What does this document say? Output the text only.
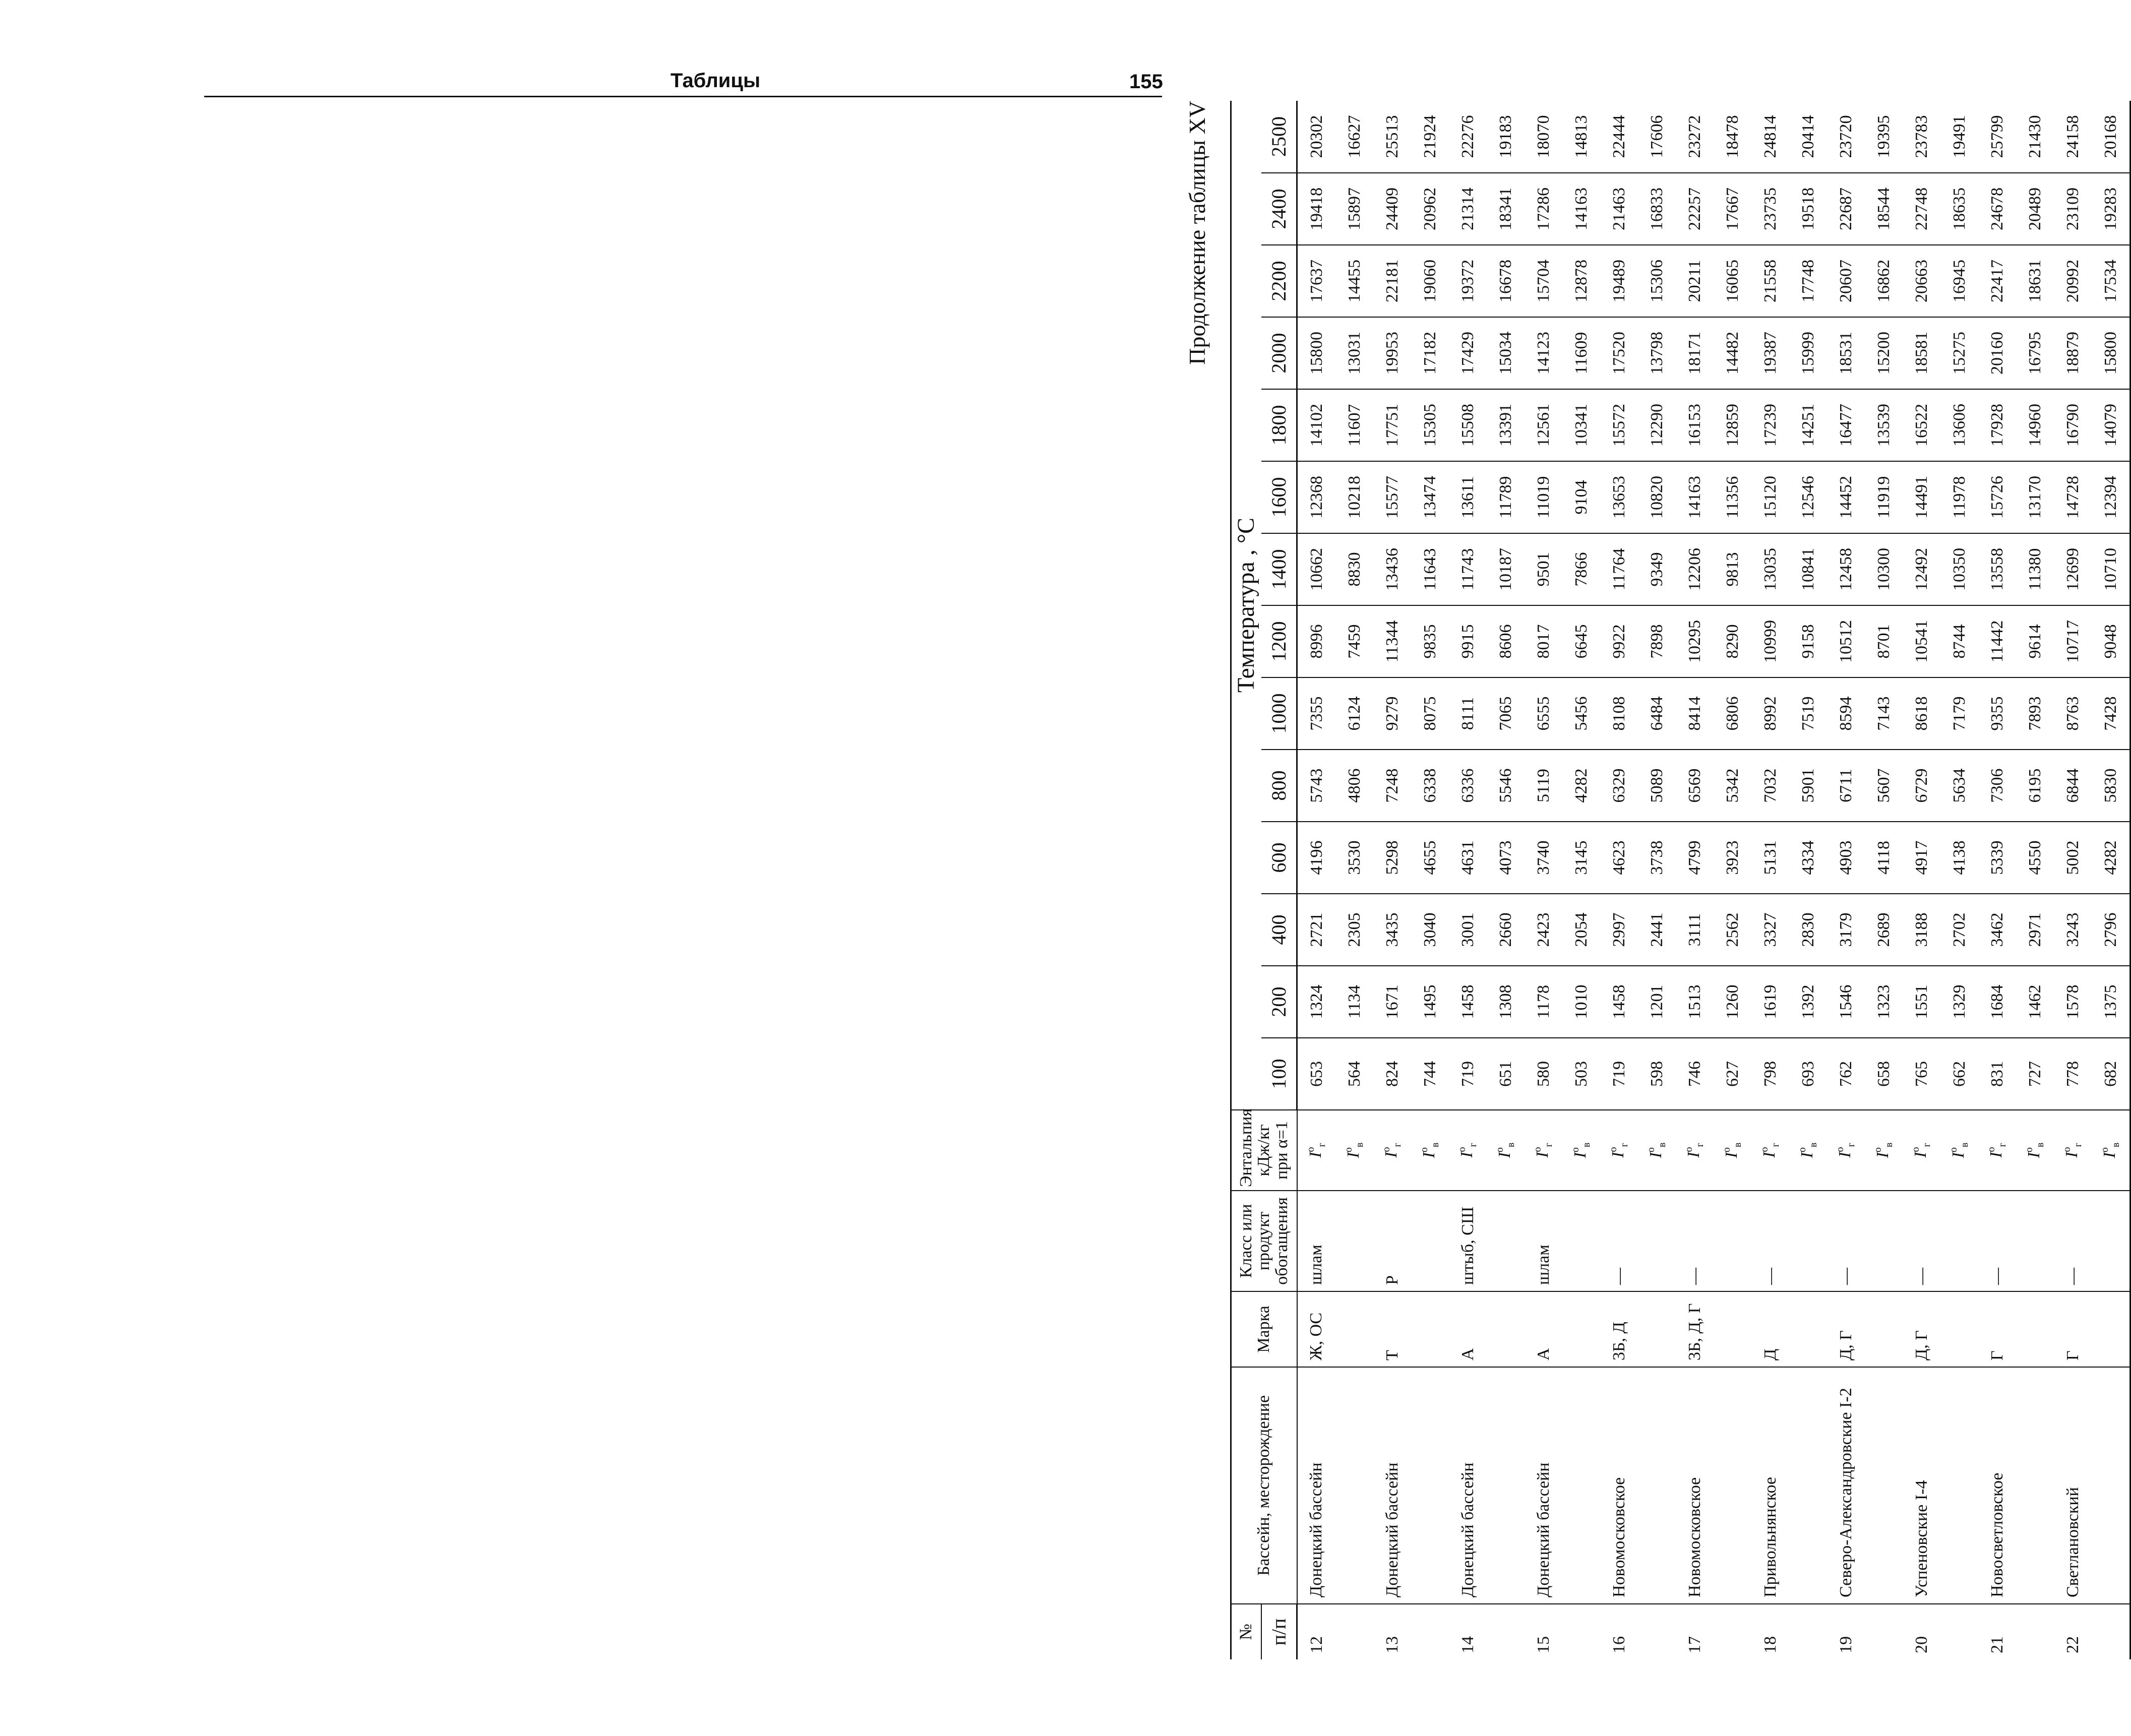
Таблицы	155
Продолжение таблицы XV
№	Бассейн, месторождение	Марка	Класс или продукт обогащения	Энтальпия кДж/кг при α=1	Температура , °С													
п/п					100	200	400	600	800	1000	1200	1400	1600	1800	2000	2200	2400	2500
12	Донецкий бассейн	Ж, ОС	шлам	$I^o_г$	653	1324	2721	4196	5743	7355	8996	10662	12368	14102	15800	17637	19418	20302
				$I^o_в$	564	1134	2305	3530	4806	6124	7459	8830	10218	11607	13031	14455	15897	16627
13	Донецкий бассейн	Т	Р	$I^o_г$	824	1671	3435	5298	7248	9279	11344	13436	15577	17751	19953	22181	24409	25513
				$I^o_в$	744	1495	3040	4655	6338	8075	9835	11643	13474	15305	17182	19060	20962	21924
14	Донецкий бассейн	А	штыб, СШ	$I^o_г$	719	1458	3001	4631	6336	8111	9915	11743	13611	15508	17429	19372	21314	22276
				$I^o_в$	651	1308	2660	4073	5546	7065	8606	10187	11789	13391	15034	16678	18341	19183
15	Донецкий бассейн	А	шлам	$I^o_г$	580	1178	2423	3740	5119	6555	8017	9501	11019	12561	14123	15704	17286	18070
				$I^o_в$	503	1010	2054	3145	4282	5456	6645	7866	9104	10341	11609	12878	14163	14813
16	Новомосковское	3Б, Д	—	$I^o_г$	719	1458	2997	4623	6329	8108	9922	11764	13653	15572	17520	19489	21463	22444
				$I^o_в$	598	1201	2441	3738	5089	6484	7898	9349	10820	12290	13798	15306	16833	17606
17	Новомосковское	3Б, Д, Г	—	$I^o_г$	746	1513	3111	4799	6569	8414	10295	12206	14163	16153	18171	20211	22257	23272
				$I^o_в$	627	1260	2562	3923	5342	6806	8290	9813	11356	12859	14482	16065	17667	18478
18	Привольнянское	Д	—	$I^o_г$	798	1619	3327	5131	7032	8992	10999	13035	15120	17239	19387	21558	23735	24814
				$I^o_в$	693	1392	2830	4334	5901	7519	9158	10841	12546	14251	15999	17748	19518	20414
19	Северо-Александровские I-2	Д, Г	—	$I^o_г$	762	1546	3179	4903	6711	8594	10512	12458	14452	16477	18531	20607	22687	23720
				$I^o_в$	658	1323	2689	4118	5607	7143	8701	10300	11919	13539	15200	16862	18544	19395
20	Успеновские I-4	Д, Г	—	$I^o_г$	765	1551	3188	4917	6729	8618	10541	12492	14491	16522	18581	20663	22748	23783
				$I^o_в$	662	1329	2702	4138	5634	7179	8744	10350	11978	13606	15275	16945	18635	19491
21	Новосветловское	Г	—	$I^o_г$	831	1684	3462	5339	7306	9355	11442	13558	15726	17928	20160	22417	24678	25799
				$I^o_в$	727	1462	2971	4550	6195	7893	9614	11380	13170	14960	16795	18631	20489	21430
22	Светлановский	Г	—	$I^o_г$	778	1578	3243	5002	6844	8763	10717	12699	14728	16790	18879	20992	23109	24158
				$I^o_в$	682	1375	2796	4282	5830	7428	9048	10710	12394	14079	15800	17534	19283	20168
